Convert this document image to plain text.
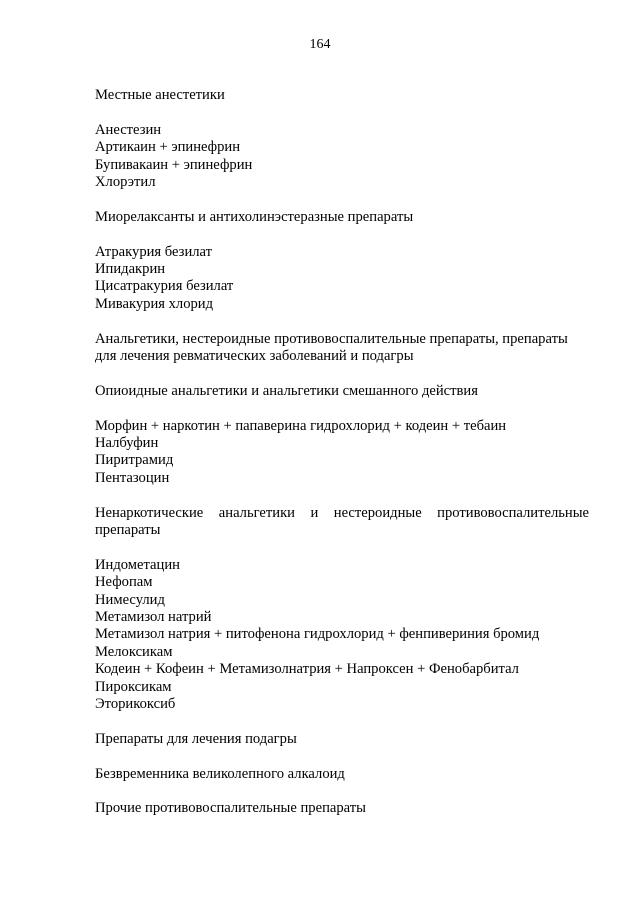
164
Местные анестетики
Анестезин
Артикаин + эпинефрин
Бупивакаин + эпинефрин
Хлорэтил
Миорелаксанты и антихолинэстеразные препараты
Атракурия безилат
Ипидакрин
Цисатракурия безилат
Мивакурия хлорид
Анальгетики, нестероидные противовоспалительные препараты, препараты
для лечения ревматических заболеваний и подагры
Опиоидные анальгетики и анальгетики смешанного действия
Морфин + наркотин + папаверина гидрохлорид + кодеин + тебаин
Налбуфин
Пиритрамид
Пентазоцин
Ненаркотические анальгетики и нестероидные противовоспалительные
препараты
Индометацин
Нефопам
Нимесулид
Метамизол натрий
Метамизол натрия + питофенона гидрохлорид + фенпивериния бромид
Мелоксикам
Кодеин + Кофеин + Метамизолнатрия + Напроксен + Фенобарбитал
Пироксикам
Эторикоксиб
Препараты для лечения подагры
Безвременника великолепного алкалоид
Прочие противовоспалительные препараты
